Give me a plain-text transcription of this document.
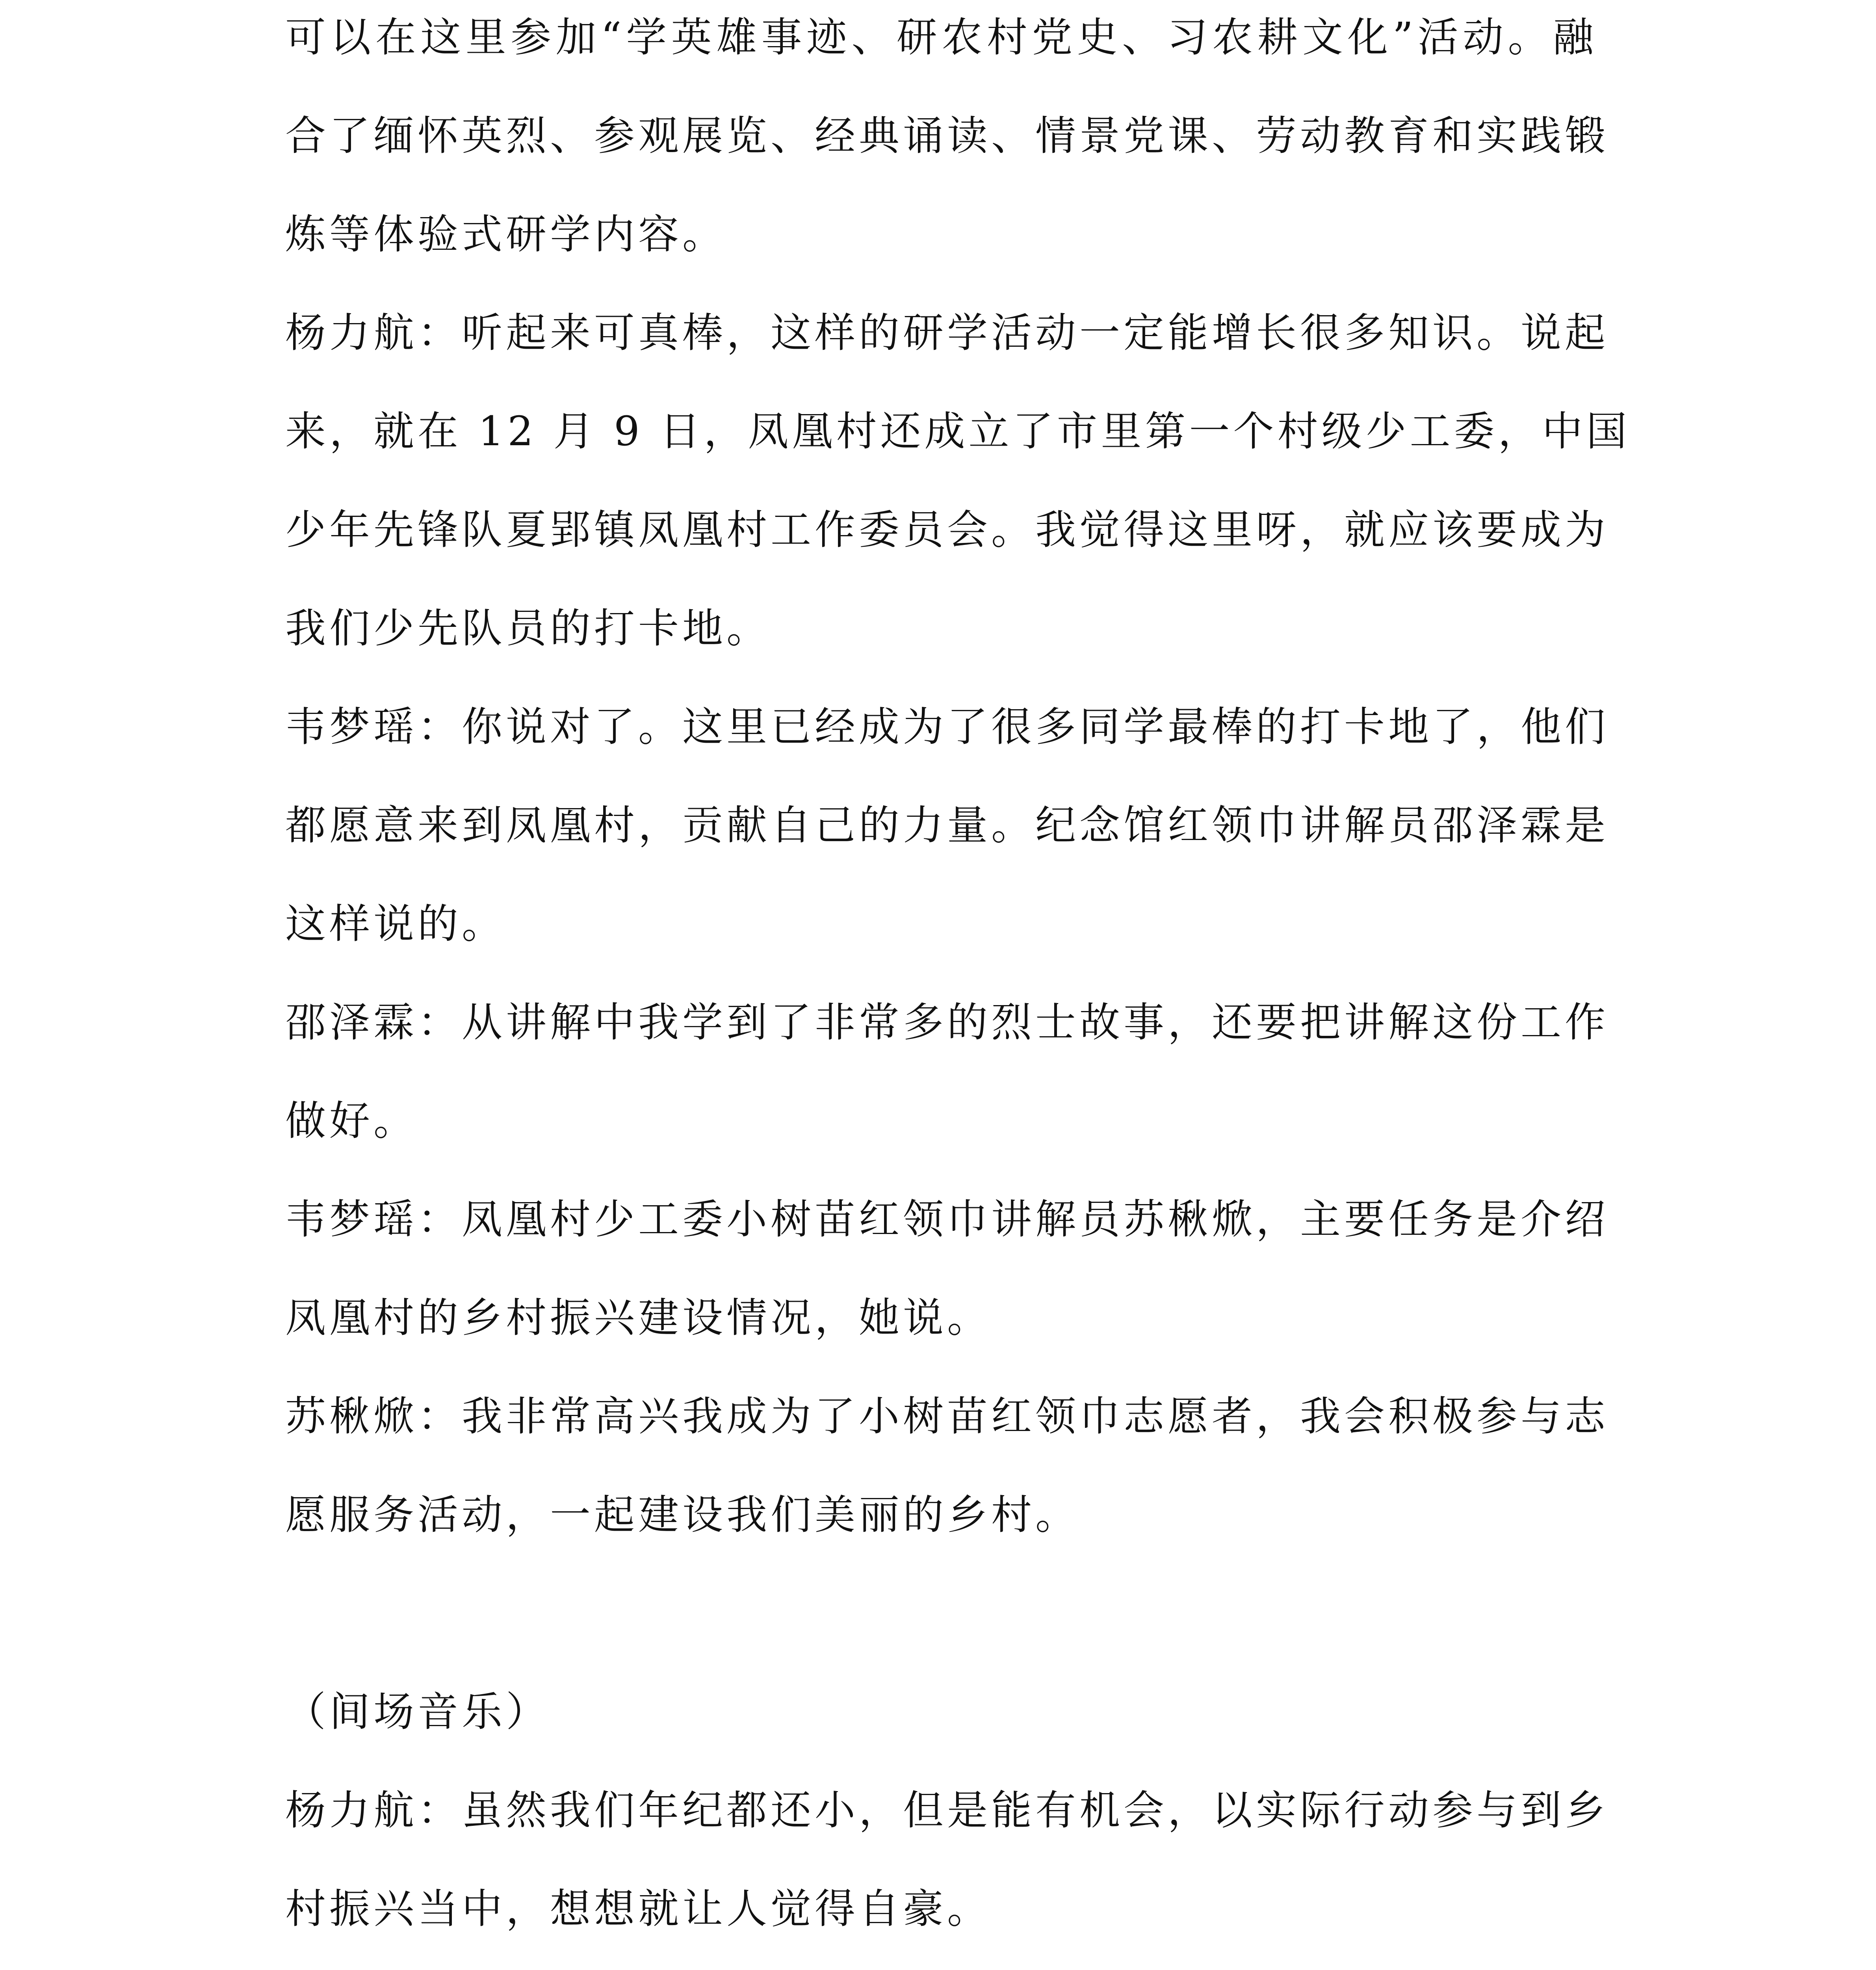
可以在这里参加“学英雄事迹、研农村党史、习农耕文化”活动。融
合了缅怀英烈、参观展览、经典诵读、情景党课、劳动教育和实践锻
炼等体验式研学内容。
杨力航：听起来可真棒，这样的研学活动一定能增长很多知识。说起
来，就在 12 月 9 日，凤凰村还成立了市里第一个村级少工委，中国
少年先锋队夏郢镇凤凰村工作委员会。我觉得这里呀，就应该要成为
我们少先队员的打卡地。
韦梦瑶：你说对了。这里已经成为了很多同学最棒的打卡地了，他们
都愿意来到凤凰村，贡献自己的力量。纪念馆红领巾讲解员邵泽霖是
这样说的。
邵泽霖：从讲解中我学到了非常多的烈士故事，还要把讲解这份工作
做好。
韦梦瑶：凤凰村少工委小树苗红领巾讲解员苏楸焮，主要任务是介绍
凤凰村的乡村振兴建设情况，她说。
苏楸焮：我非常高兴我成为了小树苗红领巾志愿者，我会积极参与志
愿服务活动，一起建设我们美丽的乡村。
（间场音乐）
杨力航：虽然我们年纪都还小，但是能有机会，以实际行动参与到乡
村振兴当中，想想就让人觉得自豪。
